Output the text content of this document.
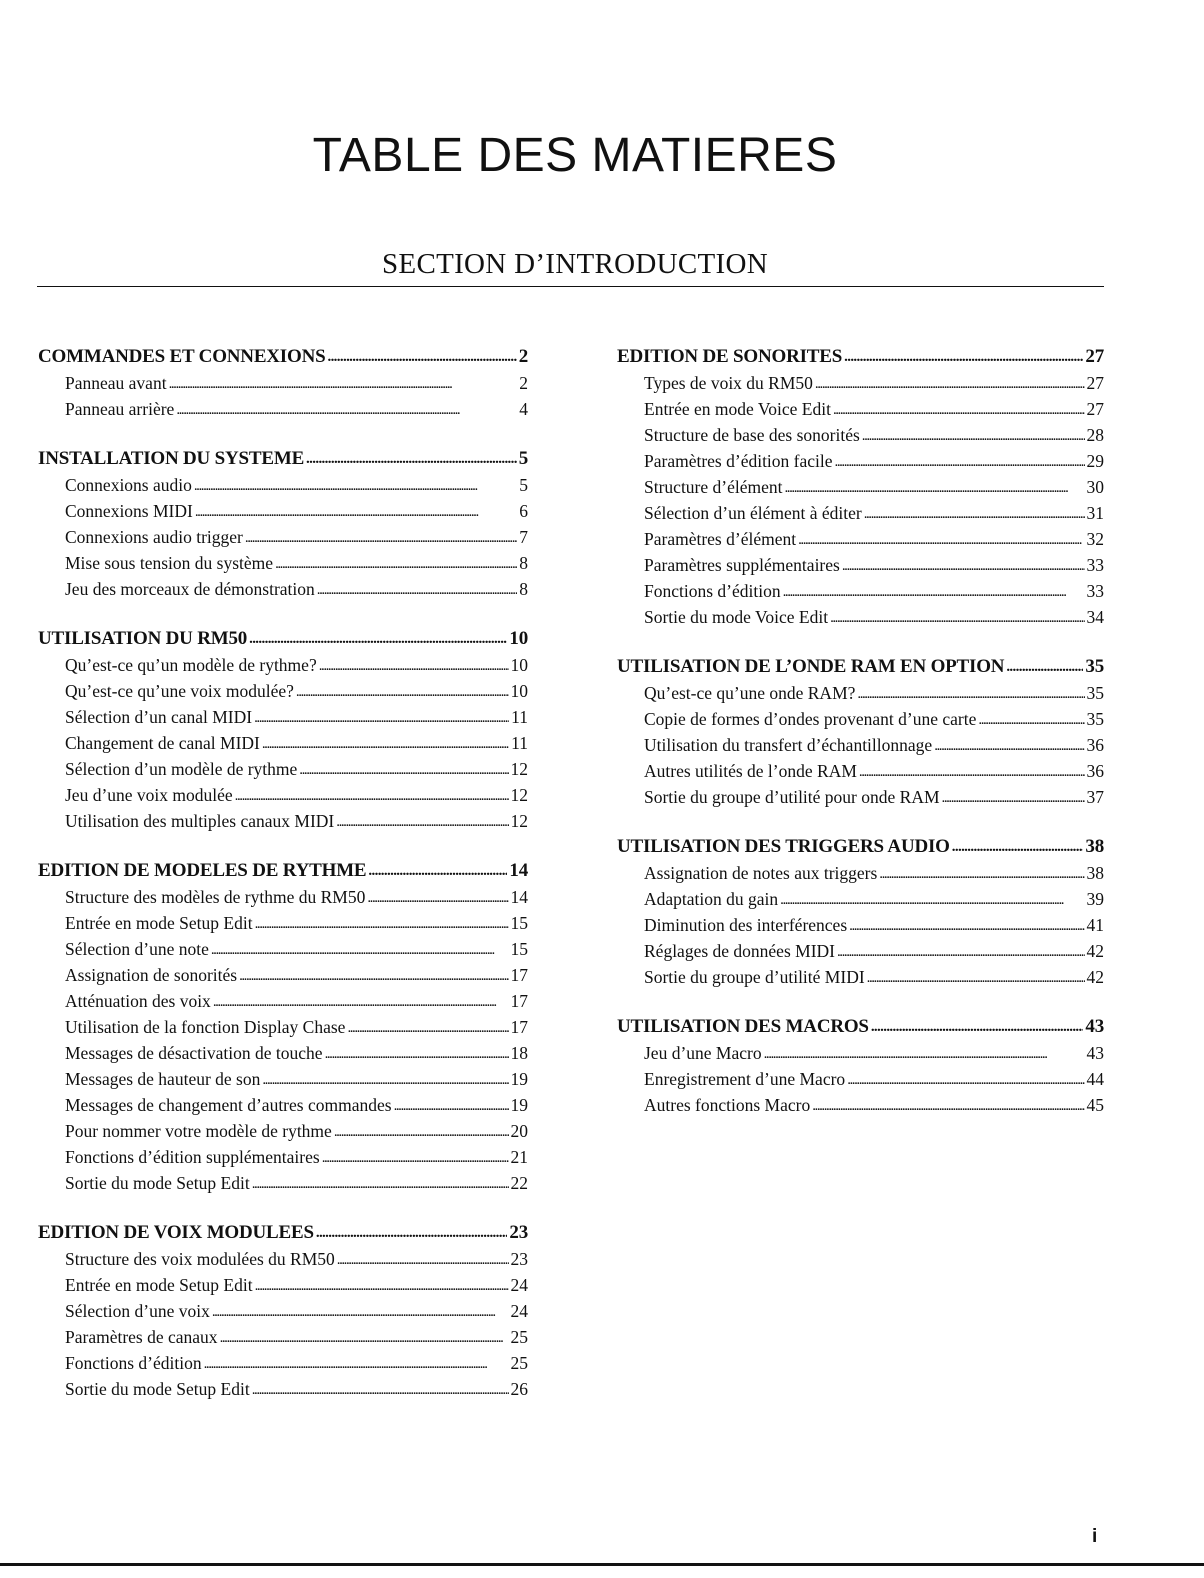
TABLE DES MATIERES
SECTION D’INTRODUCTION
COMMANDES ET CONNEXIONS . . .	2
Panneau avant . . .	2
Panneau arrière . . .	4
INSTALLATION DU SYSTEME . . .	5
Connexions audio . . .	5
Connexions MIDI . . .	6
Connexions audio trigger . . .	7
Mise sous tension du système . . .	8
Jeu des morceaux de démonstration . . .	8
UTILISATION DU RM50 . . .	10
Qu’est-ce qu’un modèle de rythme? . . .	10
Qu’est-ce qu’une voix modulée? . . .	10
Sélection d’un canal MIDI . . .	11
Changement de canal MIDI . . .	11
Sélection d’un modèle de rythme . . .	12
Jeu d’une voix modulée . . .	12
Utilisation des multiples canaux MIDI . . .	12
EDITION DE MODELES DE RYTHME . . .	14
Structure des modèles de rythme du RM50 . . .	14
Entrée en mode Setup Edit . . .	15
Sélection d’une note . . .	15
Assignation de sonorités . . .	17
Atténuation des voix . . .	17
Utilisation de la fonction Display Chase . . .	17
Messages de désactivation de touche . . .	18
Messages de hauteur de son . . .	19
Messages de changement d’autres commandes . . .	19
Pour nommer votre modèle de rythme . . .	20
Fonctions d’édition supplémentaires . . .	21
Sortie du mode Setup Edit . . .	22
EDITION DE VOIX MODULEES . . .	23
Structure des voix modulées du RM50 . . .	23
Entrée en mode Setup Edit . . .	24
Sélection d’une voix . . .	24
Paramètres de canaux . . .	25
Fonctions d’édition . . .	25
Sortie du mode Setup Edit . . .	26
EDITION DE SONORITES . . .	27
Types de voix du RM50 . . .	27
Entrée en mode Voice Edit . . .	27
Structure de base des sonorités . . .	28
Paramètres d’édition facile . . .	29
Structure d’élément . . .	30
Sélection d’un élément à éditer . . .	31
Paramètres d’élément . . .	32
Paramètres supplémentaires . . .	33
Fonctions d’édition . . .	33
Sortie du mode Voice Edit . . .	34
UTILISATION DE L’ONDE RAM EN OPTION . . .	35
Qu’est-ce qu’une onde RAM? . . .	35
Copie de formes d’ondes provenant d’une carte . . .	35
Utilisation du transfert d’échantillonnage . . .	36
Autres utilités de l’onde RAM . . .	36
Sortie du groupe d’utilité pour onde RAM . . .	37
UTILISATION DES TRIGGERS AUDIO . . .	38
Assignation de notes aux triggers . . .	38
Adaptation du gain . . .	39
Diminution des interférences . . .	41
Réglages de données MIDI . . .	42
Sortie du groupe d’utilité MIDI . . .	42
UTILISATION DES MACROS . . .	43
Jeu d’une Macro . . .	43
Enregistrement d’une Macro . . .	44
Autres fonctions Macro . . .	45
i
